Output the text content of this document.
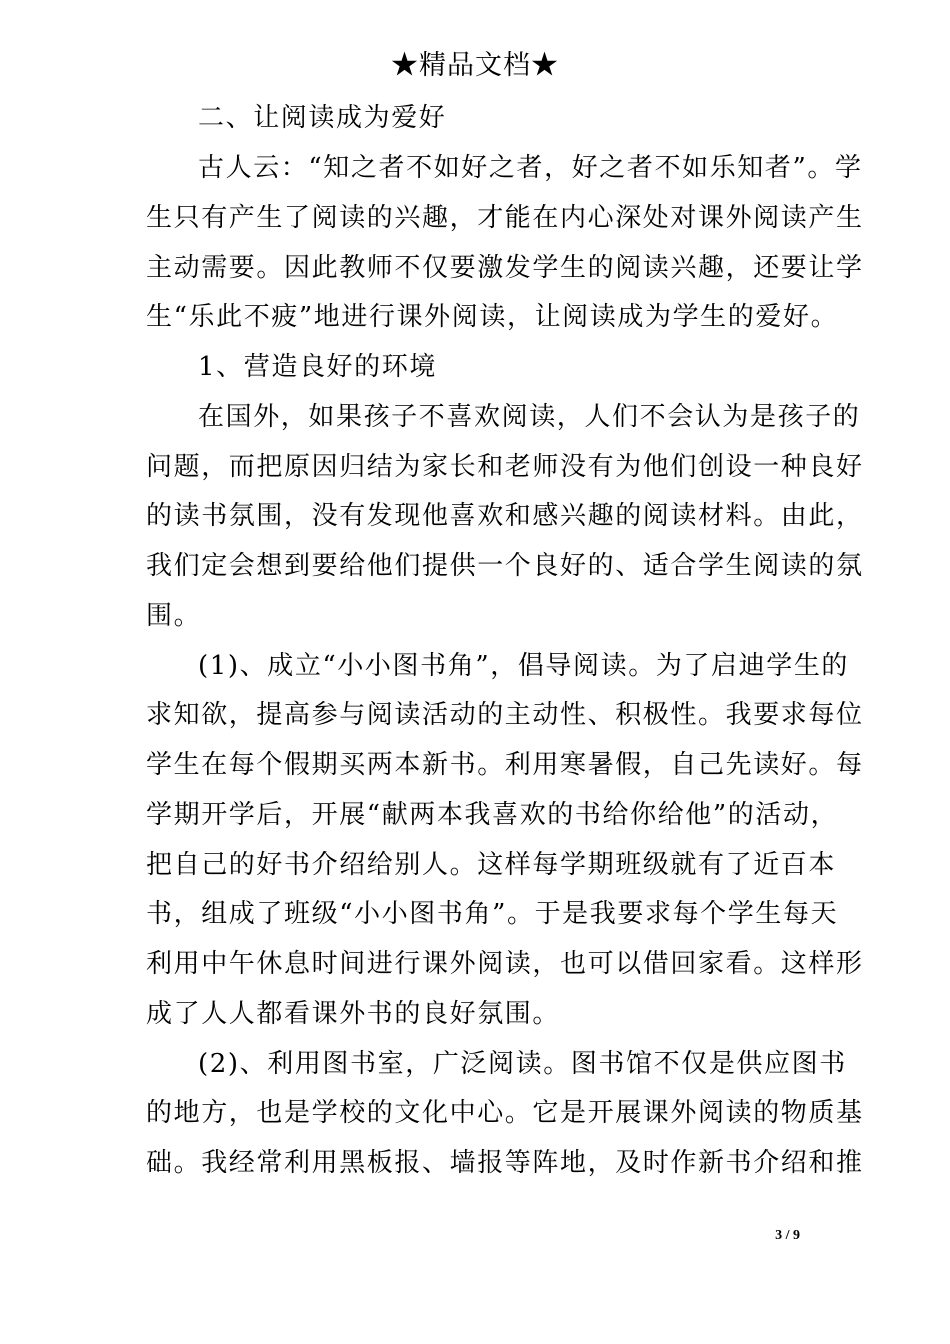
★精品文档★
二、让阅读成为爱好
古人云：“知之者不如好之者，好之者不如乐知者”。学
生只有产生了阅读的兴趣，才能在内心深处对课外阅读产生
主动需要。因此教师不仅要激发学生的阅读兴趣，还要让学
生“乐此不疲”地进行课外阅读，让阅读成为学生的爱好。
1、营造良好的环境
在国外，如果孩子不喜欢阅读，人们不会认为是孩子的
问题，而把原因归结为家长和老师没有为他们创设一种良好
的读书氛围，没有发现他喜欢和感兴趣的阅读材料。由此，
我们定会想到要给他们提供一个良好的、适合学生阅读的氛
围。
(1)、成立“小小图书角”，倡导阅读。为了启迪学生的
求知欲，提高参与阅读活动的主动性、积极性。我要求每位
学生在每个假期买两本新书。利用寒暑假，自己先读好。每
学期开学后，开展“献两本我喜欢的书给你给他”的活动，
把自己的好书介绍给别人。这样每学期班级就有了近百本
书，组成了班级“小小图书角”。于是我要求每个学生每天
利用中午休息时间进行课外阅读，也可以借回家看。这样形
成了人人都看课外书的良好氛围。
(2)、利用图书室，广泛阅读。图书馆不仅是供应图书
的地方，也是学校的文化中心。它是开展课外阅读的物质基
础。我经常利用黑板报、墙报等阵地，及时作新书介绍和推
3 / 9
